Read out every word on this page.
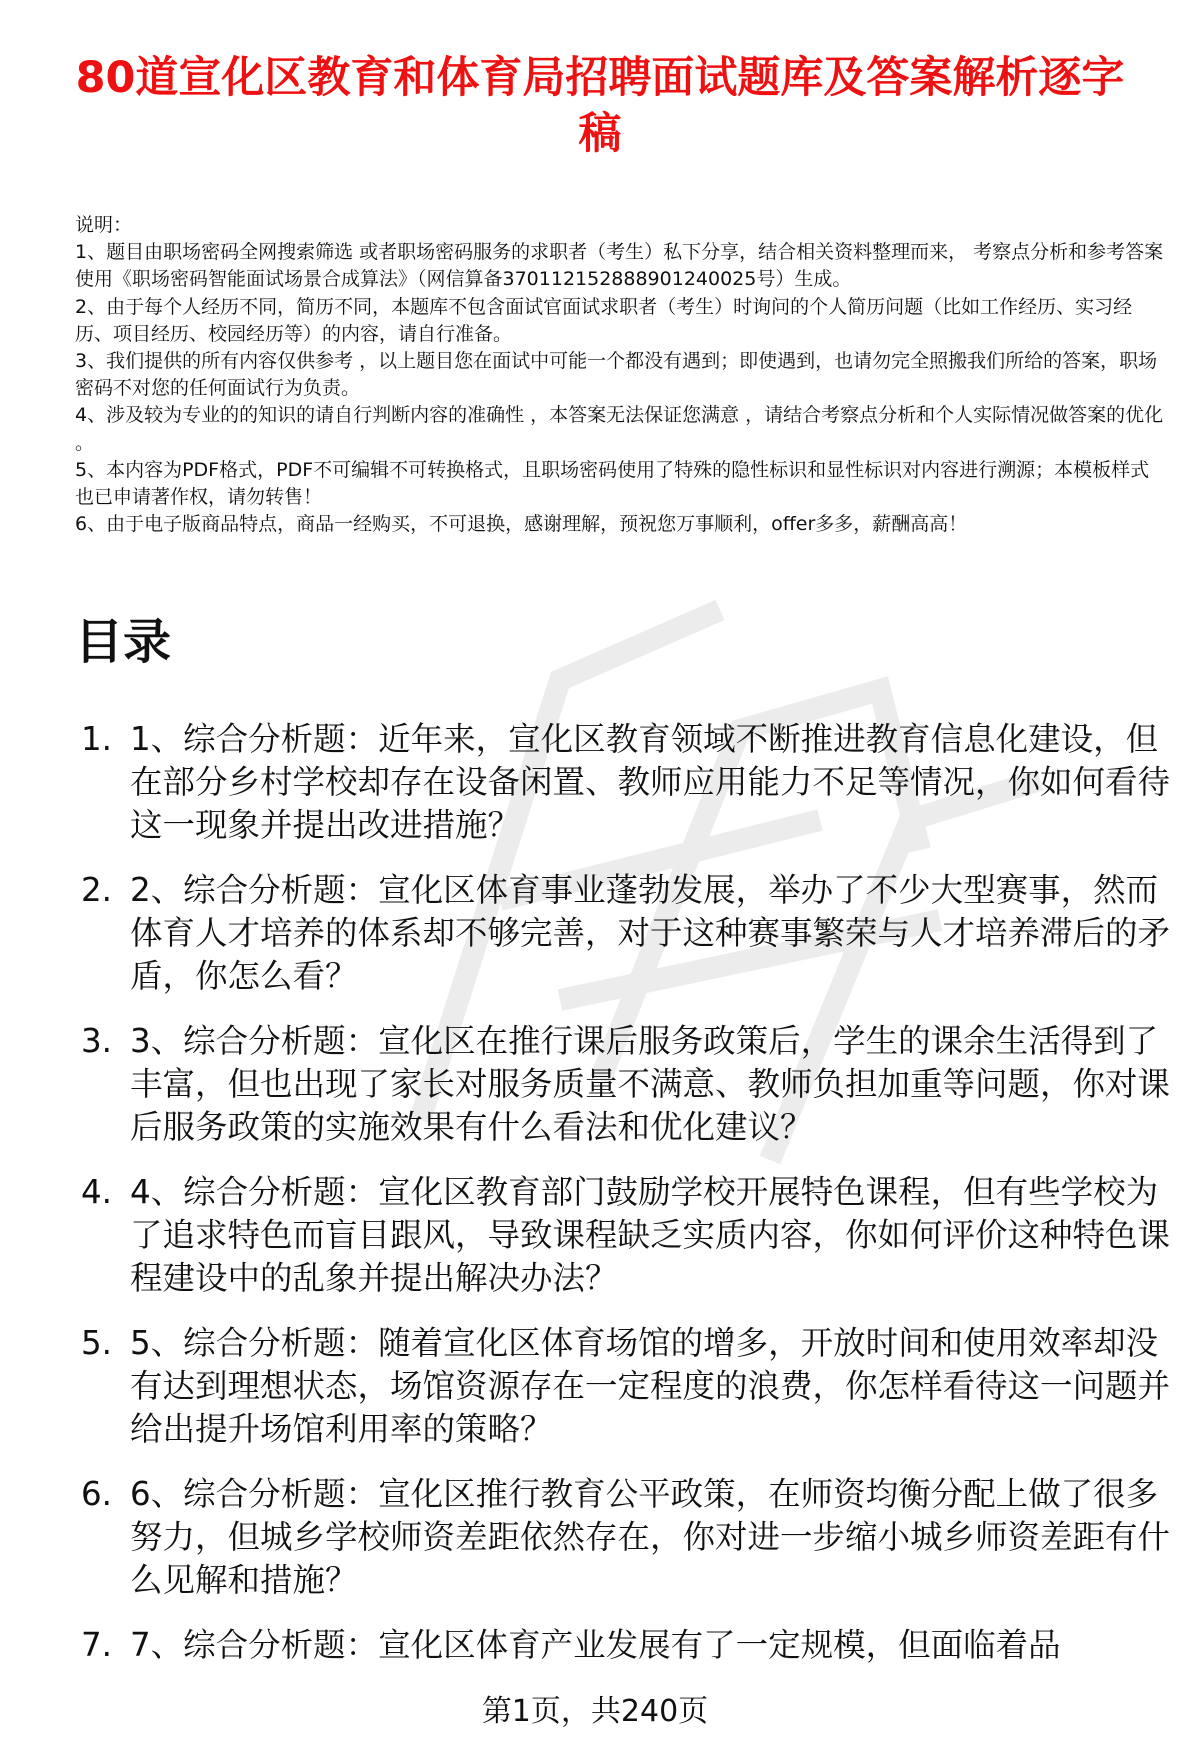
80道宣化区教育和体育局招聘面试题库及答案解析逐字稿

说明：

1、题目由职场密码全网搜索筛选 或者职场密码服务的求职者（考生）私下分享，结合相关资料整理而来， 考察点分析和参考答案使用《职场密码智能面试场景合成算法》（网信算备370112152888901240025号）生成。

2、由于每个人经历不同，简历不同，本题库不包含面试官面试求职者（考生）时询问的个人简历问题（比如工作经历、实习经历、项目经历、校园经历等）的内容，请自行准备。

3、我们提供的所有内容仅供参考 ，以上题目您在面试中可能一个都没有遇到；即使遇到，也请勿完全照搬我们所给的答案，职场密码不对您的任何面试行为负责。

4、涉及较为专业的的知识的请自行判断内容的准确性 ，本答案无法保证您满意 ，请结合考察点分析和个人实际情况做答案的优化 。

5、本内容为PDF格式，PDF不可编辑不可转换格式，且职场密码使用了特殊的隐性标识和显性标识对内容进行溯源；本模板样式也已申请著作权，请勿转售！

6、由于电子版商品特点，商品一经购买，不可退换，感谢理解，预祝您万事顺利，offer多多，薪酬高高！

目录
1. 1、综合分析题：近年来，宣化区教育领域不断推进教育信息化建设，但在部分乡村学校却存在设备闲置、教师应用能力不足等情况，你如何看待这一现象并提出改进措施？
2. 2、综合分析题：宣化区体育事业蓬勃发展，举办了不少大型赛事，然而体育人才培养的体系却不够完善，对于这种赛事繁荣与人才培养滞后的矛盾，你怎么看？
3. 3、综合分析题：宣化区在推行课后服务政策后，学生的课余生活得到了丰富，但也出现了家长对服务质量不满意、教师负担加重等问题，你对课后服务政策的实施效果有什么看法和优化建议？
4. 4、综合分析题：宣化区教育部门鼓励学校开展特色课程，但有些学校为了追求特色而盲目跟风，导致课程缺乏实质内容，你如何评价这种特色课程建设中的乱象并提出解决办法？
5. 5、综合分析题：随着宣化区体育场馆的增多，开放时间和使用效率却没有达到理想状态，场馆资源存在一定程度的浪费，你怎样看待这一问题并给出提升场馆利用率的策略？
6. 6、综合分析题：宣化区推行教育公平政策，在师资均衡分配上做了很多努力，但城乡学校师资差距依然存在，你对进一步缩小城乡师资差距有什么见解和措施？
7. 7、综合分析题：宣化区体育产业发展有了一定规模，但面临着品
第1页，共240页
